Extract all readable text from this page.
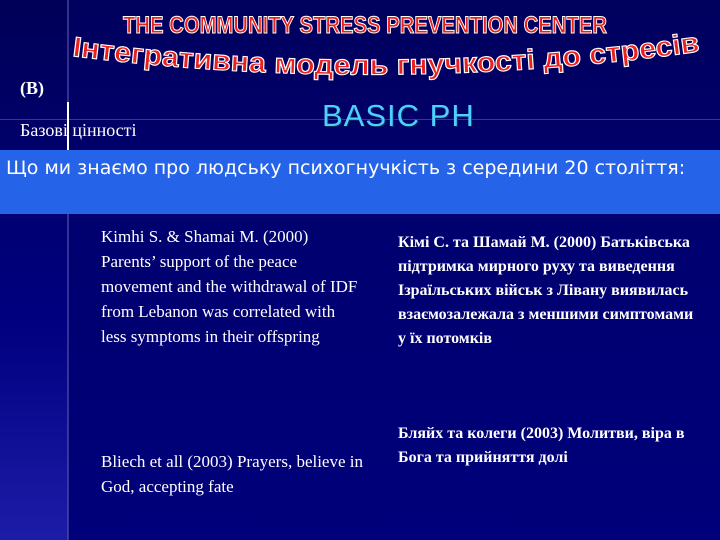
THE COMMUNITY STRESS PREVENTION CENTER
Інтегративна модель гнучкості до стресів
(B)
Базові цінності	BASIC PH
Що ми знаємо про людську психогнучкість з середини 20 століття:
Kimhi S. & Shamai M. (2000) Parents’ support of the peace movement and the withdrawal of IDF from Lebanon was correlated with less symptoms in their offspring
Bliech et all (2003) Prayers, believe in God, accepting fate
Кімі С. та Шамай М. (2000) Батьківська підтримка мирного руху та виведення Ізраїльських військ з Лівану виявилась взаємозалежала з меншими симптомами у їх потомків
Бляйх та колеги (2003) Молитви, віра в Бога та прийняття долі
